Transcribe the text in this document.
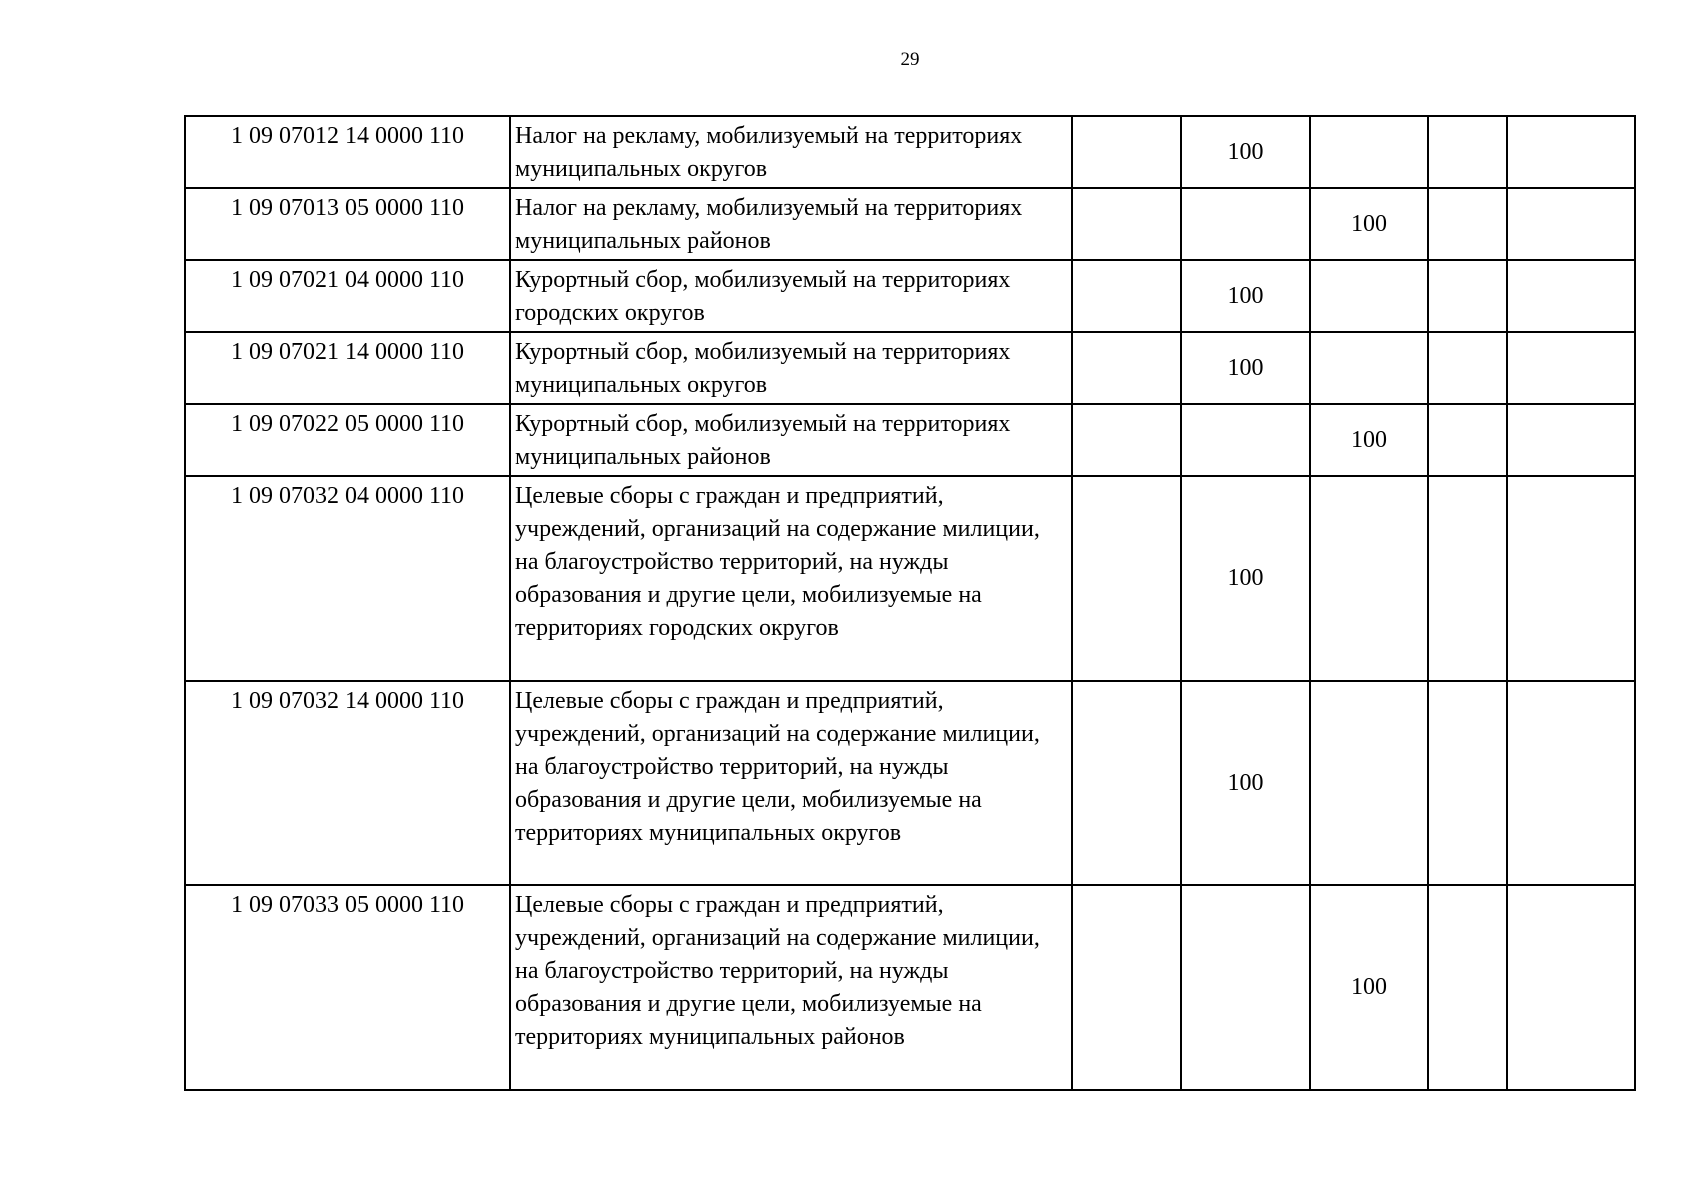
29
1 09 07012 14 0000 110	Налог на рекламу, мобилизуемый на территориях муниципальных округов		100			
1 09 07013 05 0000 110	Налог на рекламу, мобилизуемый на территориях муниципальных районов			100		
1 09 07021 04 0000 110	Курортный сбор, мобилизуемый на территориях городских округов		100			
1 09 07021 14 0000 110	Курортный сбор, мобилизуемый на территориях муниципальных округов		100			
1 09 07022 05 0000 110	Курортный сбор, мобилизуемый на территориях муниципальных районов			100		
1 09 07032 04 0000 110	Целевые сборы с граждан и предприятий, учреждений, организаций на содержание милиции, на благоустройство территорий, на нужды образования и другие цели, мобилизуемые на территориях городских округов		100			
1 09 07032 14 0000 110	Целевые сборы с граждан и предприятий, учреждений, организаций на содержание милиции, на благоустройство территорий, на нужды образования и другие цели, мобилизуемые на территориях муниципальных округов		100			
1 09 07033 05 0000 110	Целевые сборы с граждан и предприятий, учреждений, организаций на содержание милиции, на благоустройство территорий, на нужды образования и другие цели, мобилизуемые на территориях муниципальных районов			100		
